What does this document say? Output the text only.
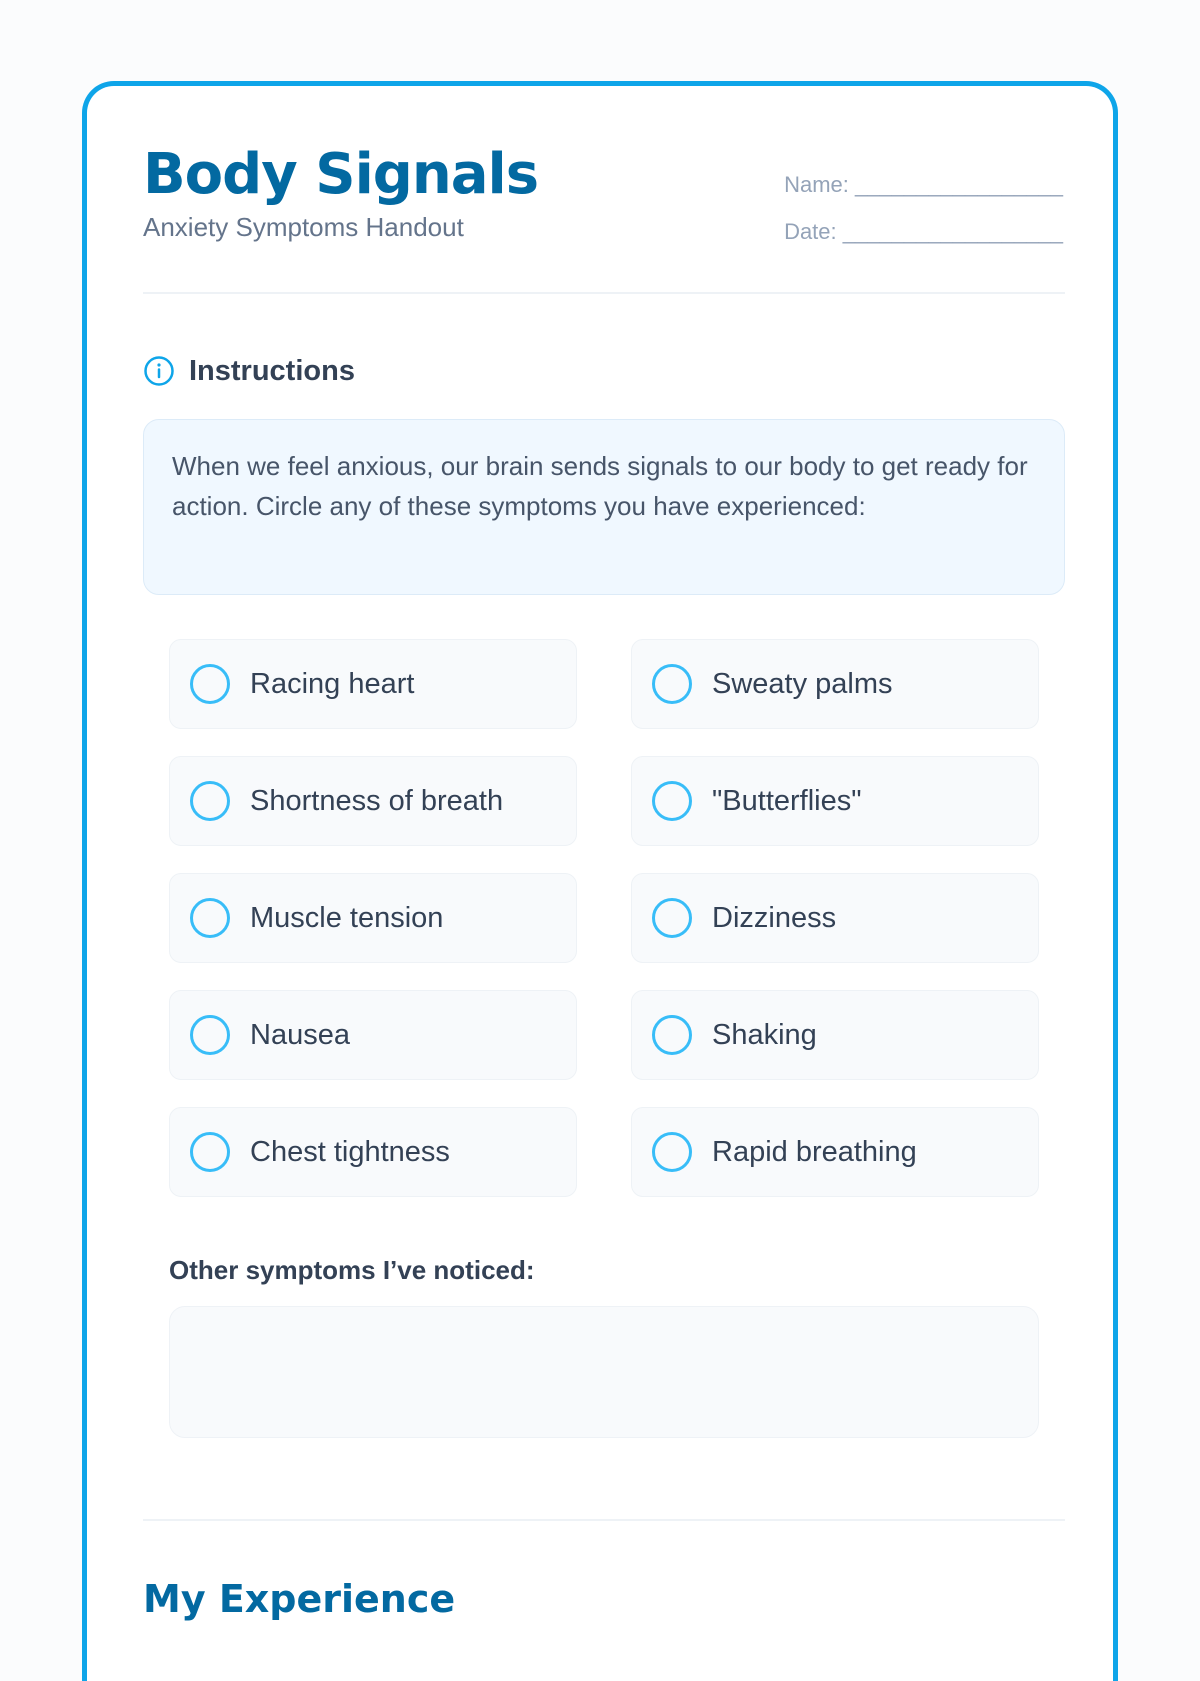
Body Signals

Anxiety Symptoms Handout

Name: _________________
Date: __________________
Instructions
When we feel anxious, our brain sends signals to our body to get ready for action. Circle any of these symptoms you have experienced:
Racing heart	Sweaty palms
Shortness of breath	"Butterflies"
Muscle tension	Dizziness
Nausea	Shaking
Chest tightness	Rapid breathing
Other symptoms I’ve noticed:
My Experience
